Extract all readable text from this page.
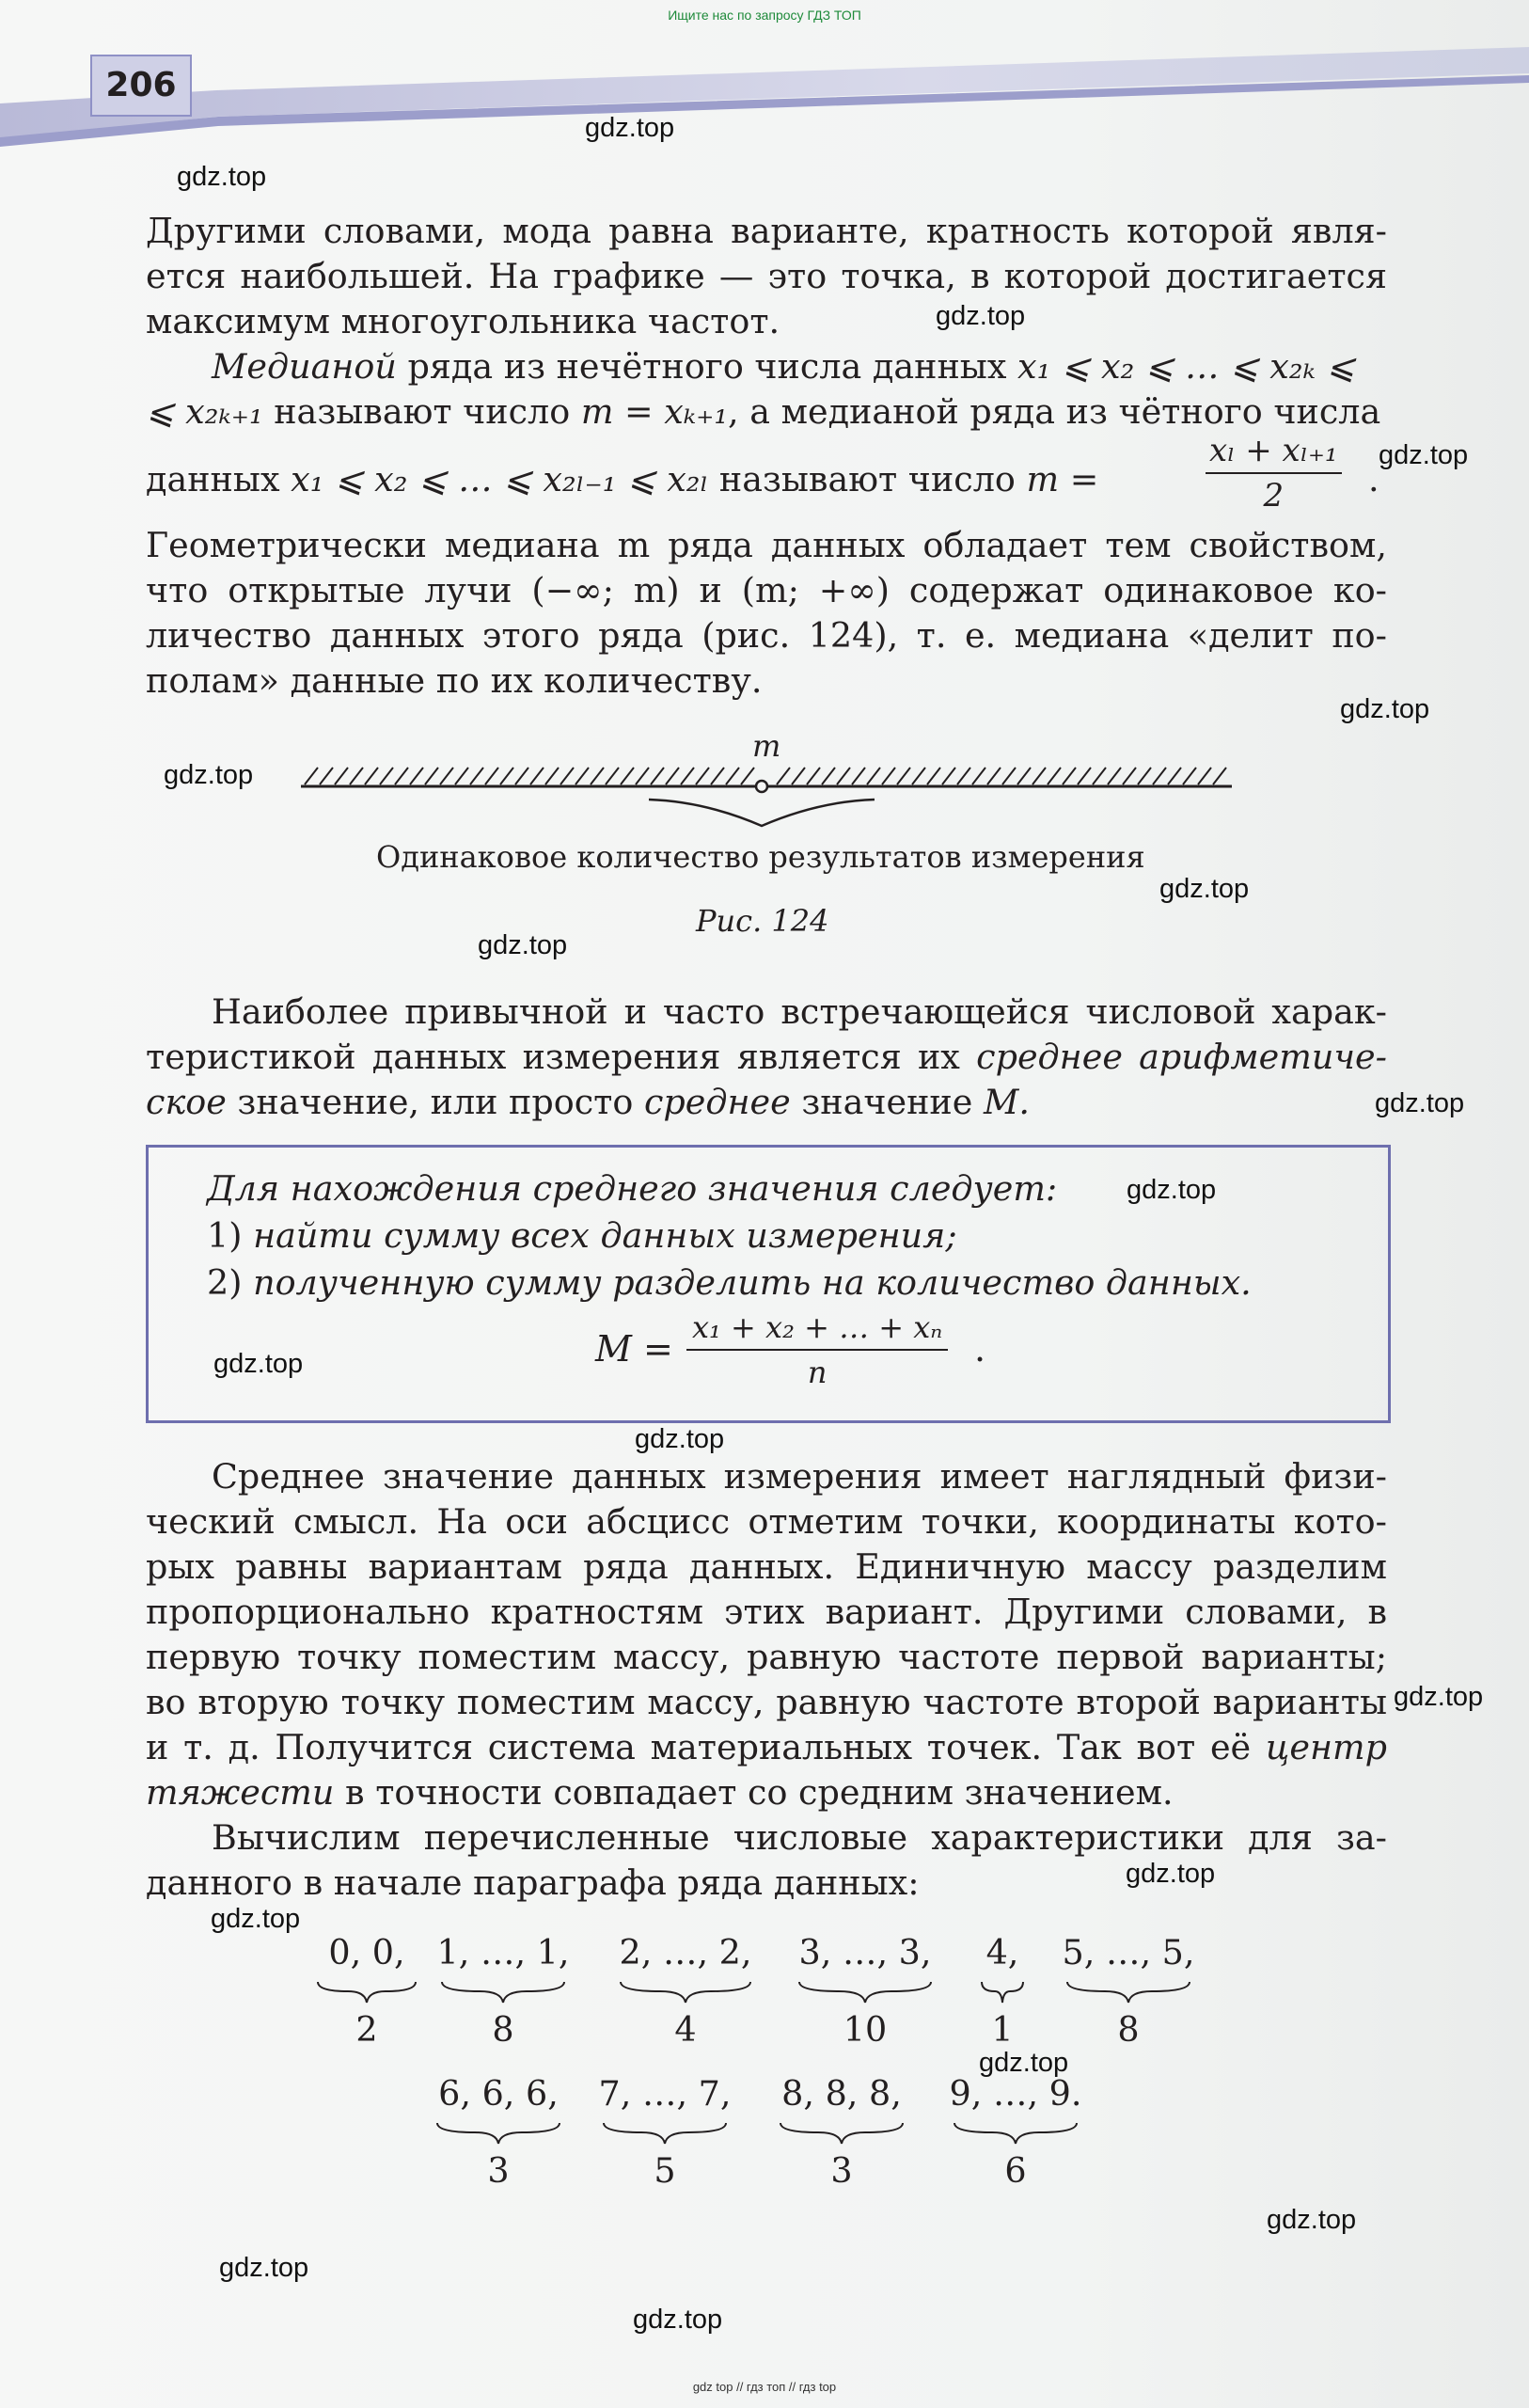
Ищите нас по запросу ГДЗ ТОП
206
gdz.top
gdz.top
gdz.top
gdz.top
gdz.top
gdz.top
gdz.top
gdz.top
gdz.top
gdz.top
gdz.top
gdz.top
gdz.top
gdz.top
gdz.top
gdz.top
gdz.top
gdz.top
gdz.top
Другими словами, мода равна варианте, кратность которой явля-
ется наибольшей. На графике — это точка, в которой достигается
максимум многоугольника частот.
Медианой ряда из нечётного числа данных x₁ ⩽ x₂ ⩽ … ⩽ x₂ₖ ⩽
⩽ x₂ₖ₊₁ называют число m = xₖ₊₁, а медианой ряда из чётного числа
данных x₁ ⩽ x₂ ⩽ … ⩽ x₂ₗ₋₁ ⩽ x₂ₗ называют число m =	$\frac{\text{xₗ + xₗ₊₁}}{2}$ .
Геометрически медиана m ряда данных обладает тем свойством,
что открытые лучи (−∞; m) и (m; +∞) содержат одинаковое ко-
личество данных этого ряда (рис. 124), т. е. медиана «делит по-
полам» данные по их количеству.
m
Одинаковое количество результатов измерения
Рис. 124
Наиболее привычной и часто встречающейся числовой харак-
теристикой данных измерения является их среднее арифметиче-
ское значение, или просто среднее значение M.
Для нахождения среднего значения следует:
1) найти сумму всех данных измерения;
2) полученную сумму разделить на количество данных.
$M = \frac{\text{x₁ + x₂ + … + xₙ}}{n}$ .
Среднее значение данных измерения имеет наглядный физи-
ческий смысл. На оси абсцисс отметим точки, координаты кото-
рых равны вариантам ряда данных. Единичную массу разделим
пропорционально кратностям этих вариант. Другими словами, в
первую точку поместим массу, равную частоте первой варианты;
во вторую точку поместим массу, равную частоте второй варианты
и т. д. Получится система материальных точек. Так вот её центр
тяжести в точности совпадает со средним значением.
Вычислим перечисленные числовые характеристики для за-
данного в начале параграфа ряда данных:
0, 0,
2
1, …, 1,
8
2, …, 2,
4
3, …, 3,
10
4,
1
5, …, 5,
8
6, 6, 6,
3
7, …, 7,
5
8, 8, 8,
3
9, …, 9.
6
gdz top // гдз топ // гдз top
